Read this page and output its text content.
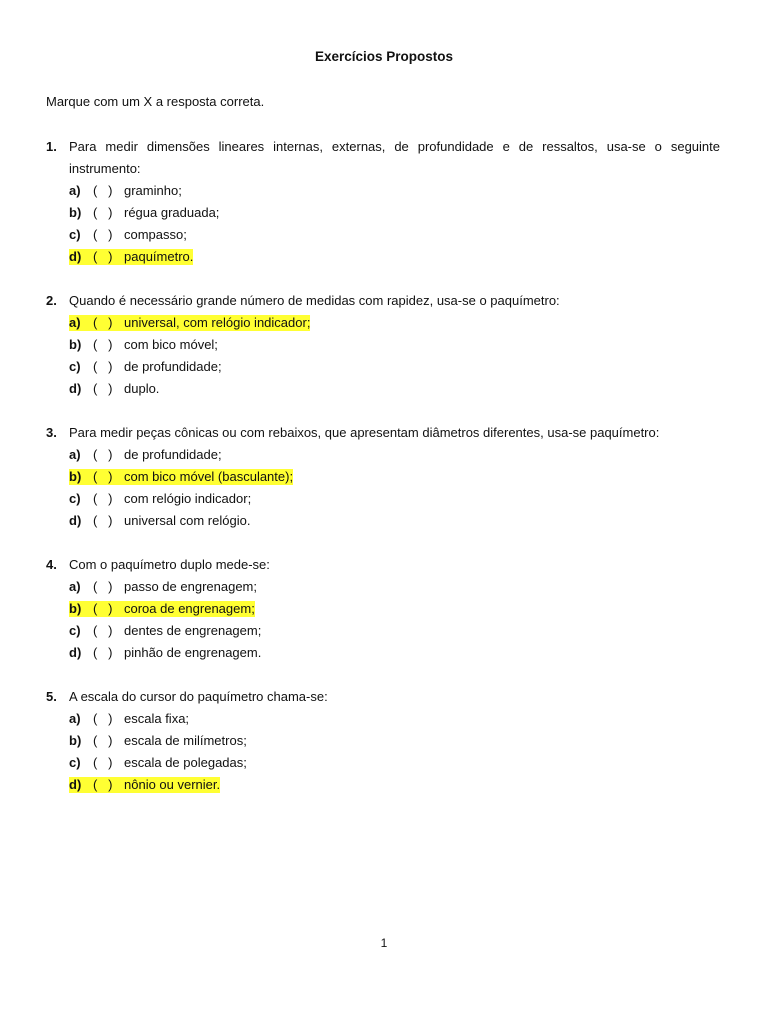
Exercícios Propostos
Marque com um X a resposta correta.
1. Para medir dimensões lineares internas, externas, de profundidade e de ressaltos, usa-se o seguinte instrumento:
a) (   ) graminho;
b) (   ) régua graduada;
c) (   ) compasso;
d) (   ) paquímetro.
2. Quando é necessário grande número de medidas com rapidez, usa-se o paquímetro:
a) (   ) universal, com relógio indicador;
b) (   ) com bico móvel;
c) (   ) de profundidade;
d) (   ) duplo.
3. Para medir peças cônicas ou com rebaixos, que apresentam diâmetros diferentes, usa-se paquímetro:
a) (   ) de profundidade;
b) (   ) com bico móvel (basculante);
c) (   ) com relógio indicador;
d) (   ) universal com relógio.
4. Com o paquímetro duplo mede-se:
a) (   ) passo de engrenagem;
b) (   ) coroa de engrenagem;
c) (   ) dentes de engrenagem;
d) (   ) pinhão de engrenagem.
5. A escala do cursor do paquímetro chama-se:
a) (   ) escala fixa;
b) (   ) escala de milímetros;
c) (   ) escala de polegadas;
d) (   ) nônio ou vernier.
1
